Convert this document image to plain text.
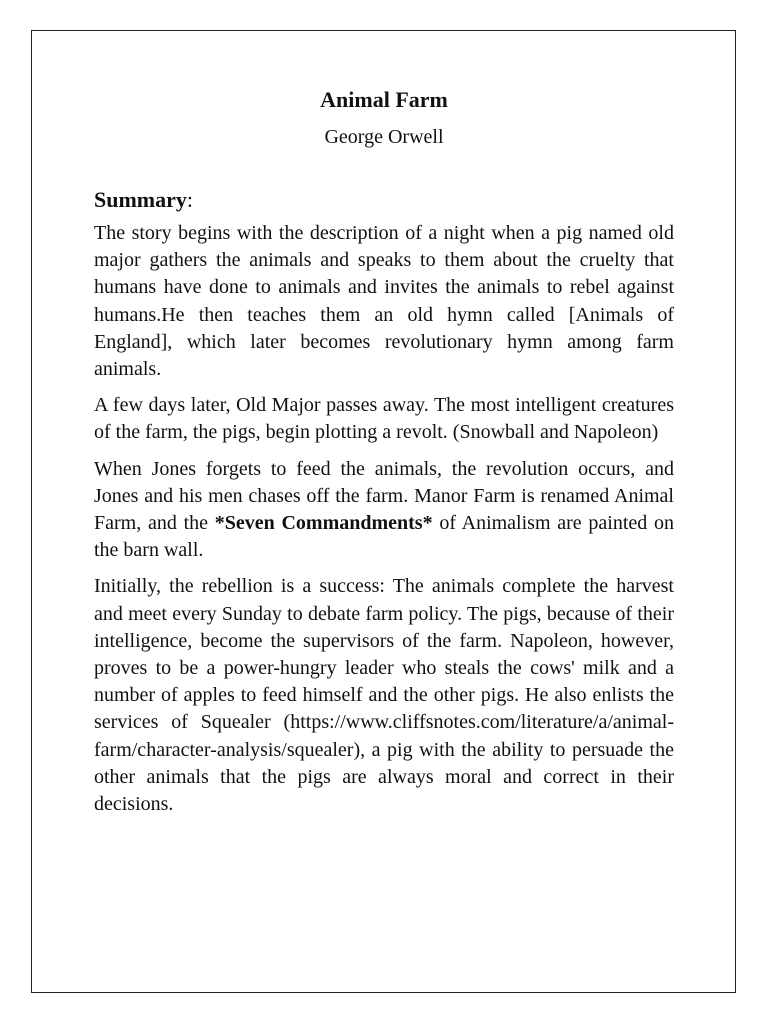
Animal Farm

George Orwell

Summary:

The story begins with the description of a night when a pig named old major gathers the animals and speaks to them about the cruelty that humans have done to animals and invites the animals to rebel against humans.He then teaches them an old hymn called [Animals of England], which later becomes revolutionary hymn among farm animals.

A few days later, Old Major passes away. The most intelligent creatures of the farm, the pigs, begin plotting a revolt. (Snowball and Napoleon)

When Jones forgets to feed the animals, the revolution occurs, and Jones and his men chases off the farm. Manor Farm is renamed Animal Farm, and the *Seven Commandments* of Animalism are painted on the barn wall.

Initially, the rebellion is a success: The animals complete the harvest and meet every Sunday to debate farm policy. The pigs, because of their intelligence, become the supervisors of the farm. Napoleon, however, proves to be a power-hungry leader who steals the cows' milk and a number of apples to feed himself and the other pigs. He also enlists the services of Squealer (https://www.cliffsnotes.com/literature/a/animal-farm/character-analysis/squealer), a pig with the ability to persuade the other animals that the pigs are always moral and correct in their decisions.
